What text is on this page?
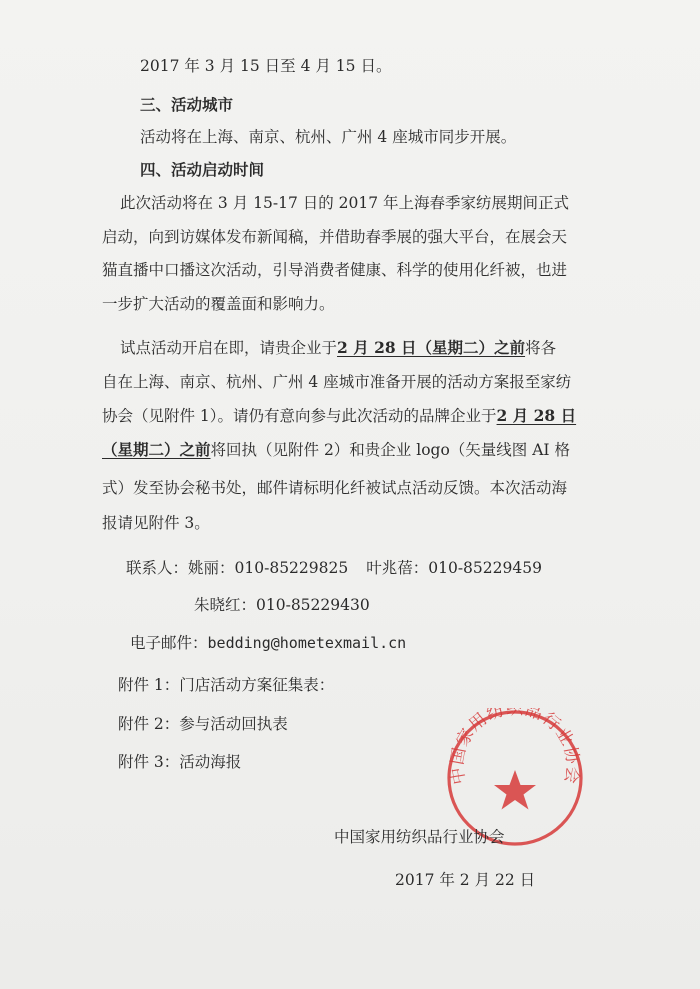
2017 年 3 月 15 日至 4 月 15 日。
三、活动城市
活动将在上海、南京、杭州、广州 4 座城市同步开展。
四、活动启动时间
此次活动将在 3 月 15-17 日的 2017 年上海春季家纺展期间正式
启动，向到访媒体发布新闻稿，并借助春季展的强大平台，在展会天
猫直播中口播这次活动，引导消费者健康、科学的使用化纤被，也进
一步扩大活动的覆盖面和影响力。
试点活动开启在即，请贵企业于2 月 28 日（星期二）之前将各
自在上海、南京、杭州、广州 4 座城市准备开展的活动方案报至家纺
协会（见附件 1）。请仍有意向参与此次活动的品牌企业于2 月 28 日
（星期二）之前将回执（见附件 2）和贵企业 logo（矢量线图 AI 格
式）发至协会秘书处，邮件请标明化纤被试点活动反馈。本次活动海
报请见附件 3。
联系人：姚丽：010-85229825 叶兆蓓：010-85229459
朱晓红：010-85229430
电子邮件：bedding@hometexmail.cn
附件 1：门店活动方案征集表：
附件 2：参与活动回执表
附件 3：活动海报
中国家用纺织品行业协会
中国家用纺织品行业协会
2017 年 2 月 22 日
